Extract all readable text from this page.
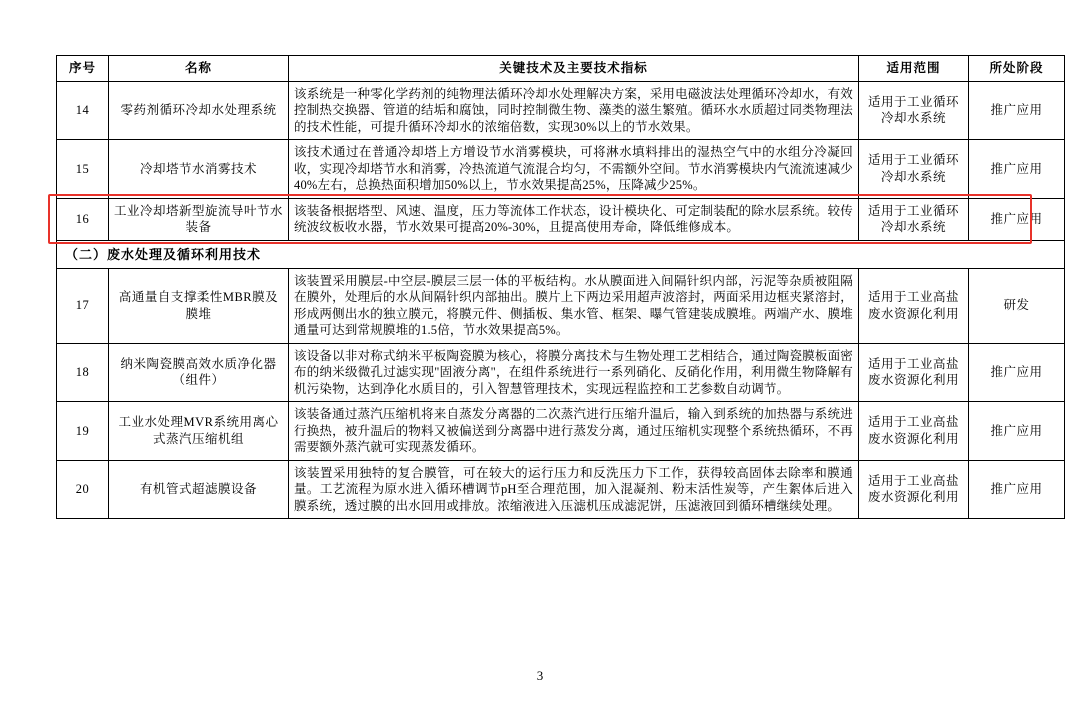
序号	名称	关键技术及主要技术指标	适用范围	所处阶段
14	零药剂循环冷却水处理系统	该系统是一种零化学药剂的纯物理法循环冷却水处理解决方案，采用电磁波法处理循环冷却水，有效控制热交换器、管道的结垢和腐蚀，同时控制微生物、藻类的滋生繁殖。循环水水质超过同类物理法的技术性能，可提升循环冷却水的浓缩倍数，实现30%以上的节水效果。	适用于工业循环冷却水系统	推广应用
15	冷却塔节水消雾技术	该技术通过在普通冷却塔上方增设节水消雾模块，可将淋水填料排出的湿热空气中的水组分冷凝回收，实现冷却塔节水和消雾，冷热流道气流混合均匀，不需额外空间。节水消雾模块内气流流速减少40%左右，总换热面积增加50%以上，节水效果提高25%，压降减少25%。	适用于工业循环冷却水系统	推广应用
16	工业冷却塔新型旋流导叶节水装备	该装备根据塔型、风速、温度，压力等流体工作状态，设计模块化、可定制装配的除水层系统。较传统波纹板收水器，节水效果可提高20%-30%，且提高使用寿命，降低维修成本。	适用于工业循环冷却水系统	推广应用
（二）废水处理及循环利用技术				
17	高通量自支撑柔性MBR膜及膜堆	该装置采用膜层-中空层-膜层三层一体的平板结构。水从膜面进入间隔针织内部，污泥等杂质被阻隔在膜外，处理后的水从间隔针织内部抽出。膜片上下两边采用超声波溶封，两面采用边框夹紧溶封，形成两侧出水的独立膜元，将膜元件、侧插板、集水管、框架、曝气管建装成膜堆。两端产水、膜堆通量可达到常规膜堆的1.5倍，节水效果提高5%。	适用于工业高盐废水资源化利用	研发
18	纳米陶瓷膜高效水质净化器（组件）	该设备以非对称式纳米平板陶瓷膜为核心，将膜分离技术与生物处理工艺相结合，通过陶瓷膜板面密布的纳米级微孔过滤实现"固液分离"，在组件系统进行一系列硝化、反硝化作用，利用微生物降解有机污染物，达到净化水质目的，引入智慧管理技术，实现远程监控和工艺参数自动调节。	适用于工业高盐废水资源化利用	推广应用
19	工业水处理MVR系统用离心式蒸汽压缩机组	该装备通过蒸汽压缩机将来自蒸发分离器的二次蒸汽进行压缩升温后，输入到系统的加热器与系统进行换热，被升温后的物料又被偏送到分离器中进行蒸发分离，通过压缩机实现整个系统热循环，不再需要额外蒸汽就可实现蒸发循环。	适用于工业高盐废水资源化利用	推广应用
20	有机管式超滤膜设备	该装置采用独特的复合膜管，可在较大的运行压力和反洗压力下工作，获得较高固体去除率和膜通量。工艺流程为原水进入循环槽调节pH至合理范围，加入混凝剂、粉末活性炭等，产生絮体后进入膜系统，透过膜的出水回用或排放。浓缩液进入压滤机压成滤泥饼，压滤液回到循环槽继续处理。	适用于工业高盐废水资源化利用	推广应用
3
